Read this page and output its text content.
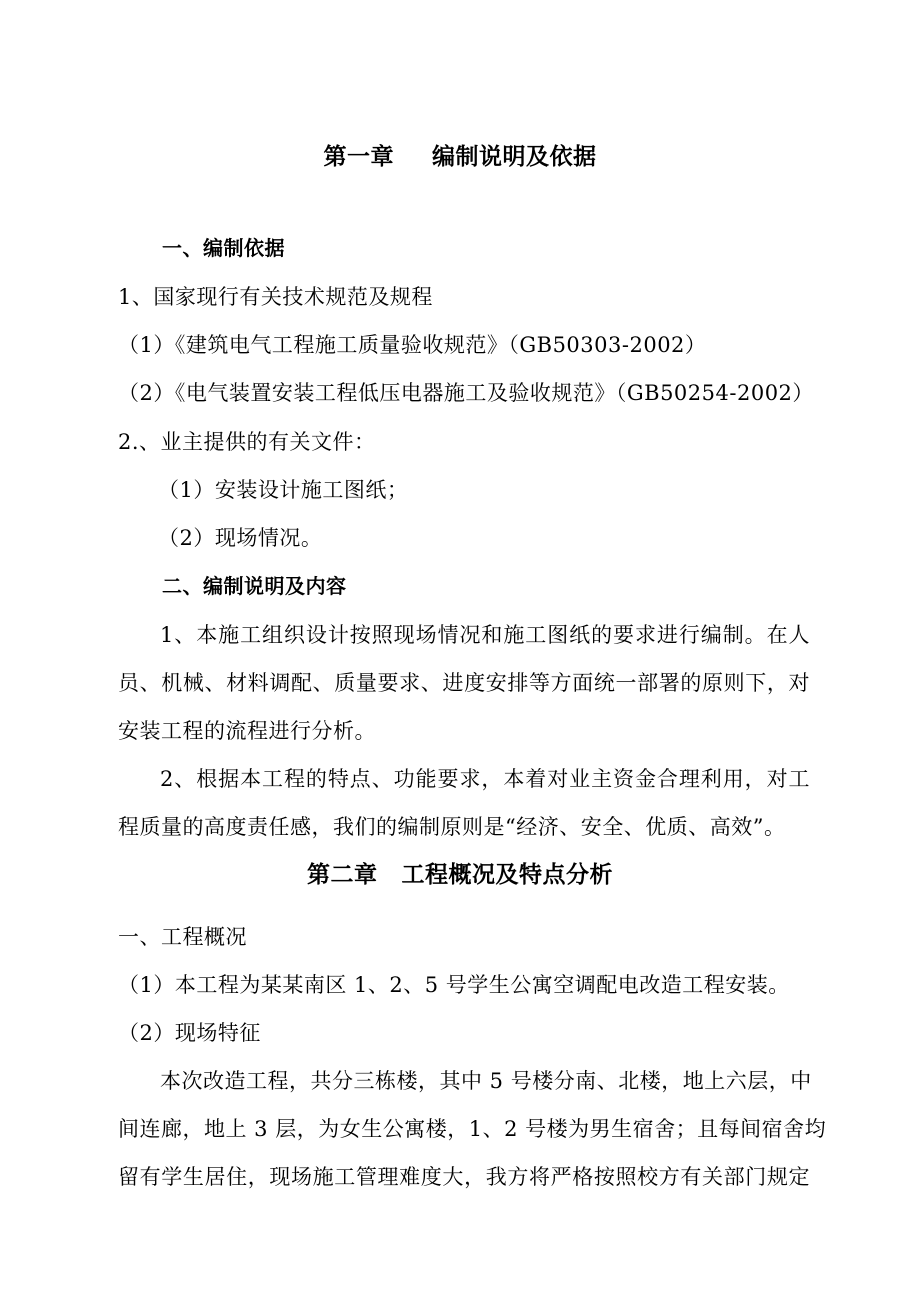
第一章 编制说明及依据
一、编制依据
1、国家现行有关技术规范及规程
（1）《建筑电气工程施工质量验收规范》（GB50303-2002）
（2）《电气装置安装工程低压电器施工及验收规范》（GB50254-2002）
2.、业主提供的有关文件：
（1）安装设计施工图纸；
（2）现场情况。
二、编制说明及内容
1、本施工组织设计按照现场情况和施工图纸的要求进行编制。在人
员、机械、材料调配、质量要求、进度安排等方面统一部署的原则下，对
安装工程的流程进行分析。
2、根据本工程的特点、功能要求，本着对业主资金合理利用，对工
程质量的高度责任感，我们的编制原则是“经济、安全、优质、高效”。
第二章 工程概况及特点分析
一、工程概况
（1）本工程为某某南区 1、2、5 号学生公寓空调配电改造工程安装。
（2）现场特征
本次改造工程，共分三栋楼，其中 5 号楼分南、北楼，地上六层，中
间连廊，地上 3 层，为女生公寓楼，1、2 号楼为男生宿舍；且每间宿舍均
留有学生居住，现场施工管理难度大，我方将严格按照校方有关部门规定
